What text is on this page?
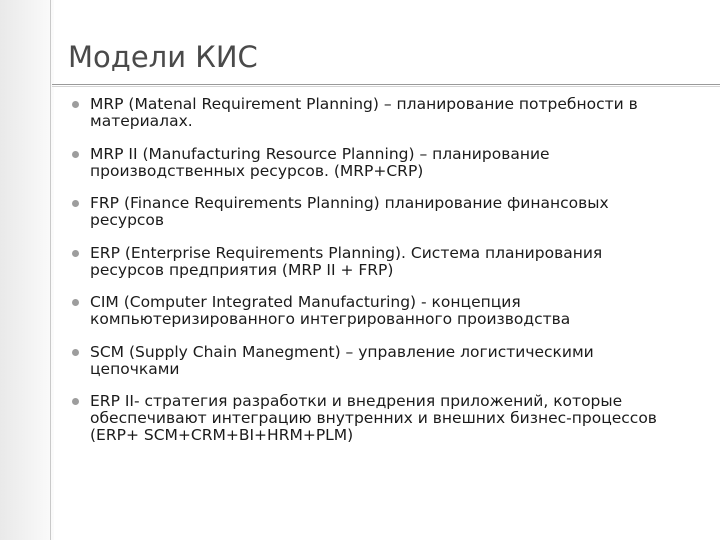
Модели КИС
MRP (Matenal Requirement Planning) – планирование потребности в
материалах.
MRP II (Manufacturing Resource Planning) – планирование
производственных ресурсов. (MRP+CRP)
FRP (Finance Requirements Planning) планирование финансовых
ресурсов
ERP (Enterprise Requirements Planning). Система планирования
ресурсов предприятия (MRP II + FRP)
CIM (Computer Integrated Manufacturing) - концепция
компьютеризированного интегрированного производства
SCM (Supply Chain Manegment) – управление логистическими
цепочками
ERP II- стратегия разработки и внедрения приложений, которые
обеспечивают интеграцию внутренних и внешних бизнес-процессов
(ERP+ SCM+CRM+BI+HRM+PLM)
